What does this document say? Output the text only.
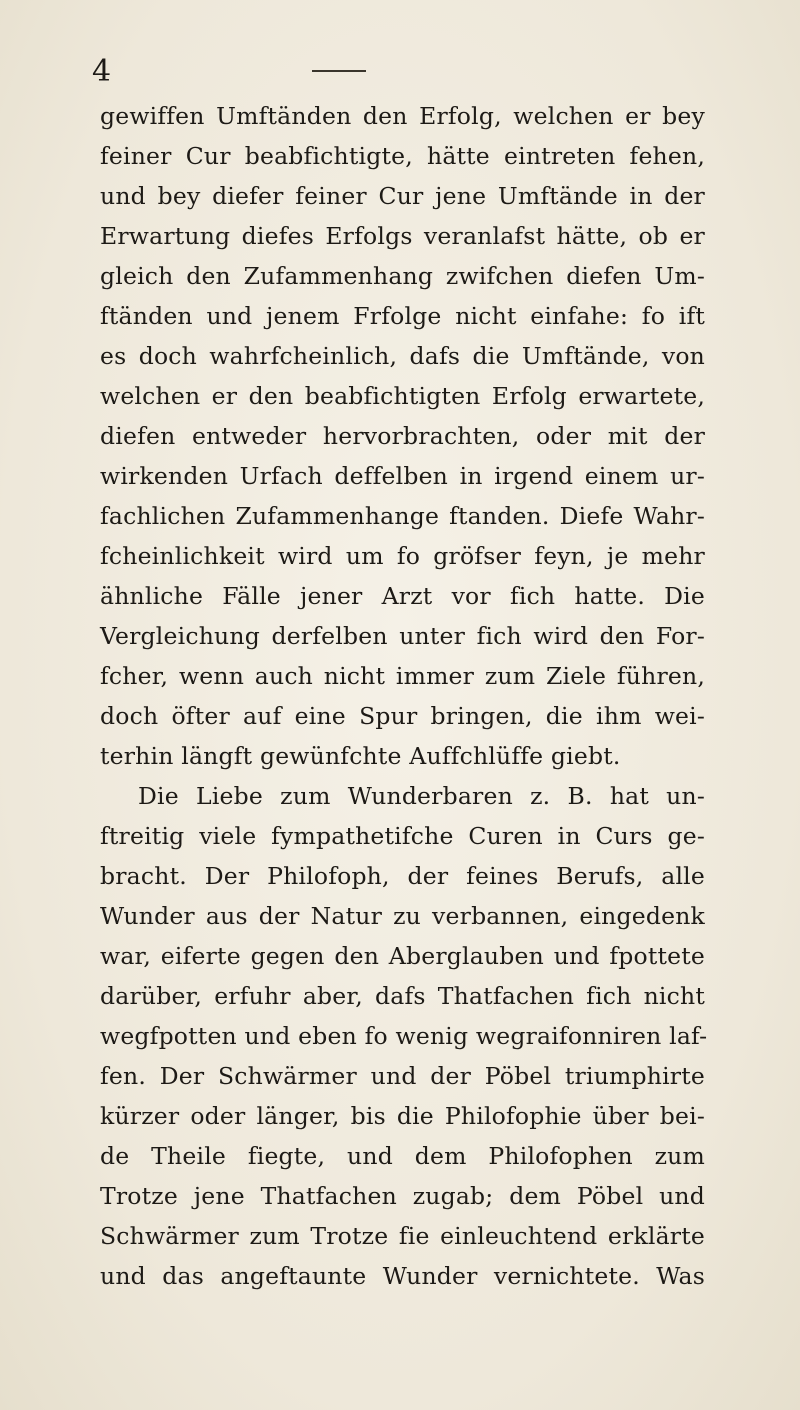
4
gewiffen Umftänden den Erfolg, welchen er bey
feiner Cur beabfichtigte, hätte eintreten fehen,
und bey diefer feiner Cur jene Umftände in der
Erwartung diefes Erfolgs veranlafst hätte, ob er
gleich den Zufammenhang zwifchen diefen Um-
ftänden und jenem Frfolge nicht einfahe: fo ift
es doch wahrfcheinlich, dafs die Umftände, von
welchen er den beabfichtigten Erfolg erwartete,
diefen entweder hervorbrachten, oder mit der
wirkenden Urfach deffelben in irgend einem ur-
fachlichen Zufammenhange ftanden. Diefe Wahr-
fcheinlichkeit wird um fo gröfser feyn, je mehr
ähnliche Fälle jener Arzt vor fich hatte. Die
Vergleichung derfelben unter fich wird den For-
fcher, wenn auch nicht immer zum Ziele führen,
doch öfter auf eine Spur bringen, die ihm wei-
terhin längft gewünfchte Auffchlüffe giebt.
Die Liebe zum Wunderbaren z. B. hat un-
ftreitig viele fympathetifche Curen in Curs ge-
bracht. Der Philofoph, der feines Berufs, alle
Wunder aus der Natur zu verbannen, eingedenk
war, eiferte gegen den Aberglauben und fpottete
darüber, erfuhr aber, dafs Thatfachen fich nicht
wegfpotten und eben fo wenig wegraifonniren laf-
fen. Der Schwärmer und der Pöbel triumphirte
kürzer oder länger, bis die Philofophie über bei-
de Theile fiegte, und dem Philofophen zum
Trotze jene Thatfachen zugab; dem Pöbel und
Schwärmer zum Trotze fie einleuchtend erklärte
und das angeftaunte Wunder vernichtete. Was
